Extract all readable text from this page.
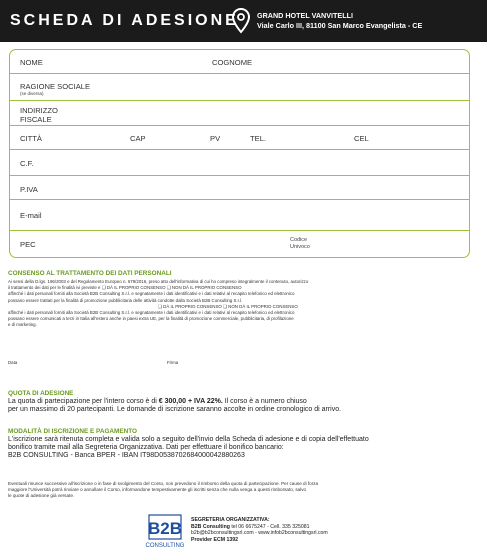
SCHEDA DI ADESIONE	GRAND HOTEL VANVITELLI
Viale Carlo III, 81100 San Marco Evangelista - CE
NOME	COGNOME
RAGIONE SOCIALE
(se diversa)
INDIRIZZO
FISCALE
CITTÀ	CAP	PV	TEL.	CEL
C.F.
P.IVA
E-mail
PEC	Codice
Univoco
CONSENSO AL TRATTAMENTO DEI DATI PERSONALI
Ai sensi della D.lgs. 196/2003 e del Regolamento Europeo n. 679/2016, preso atto dell'informativa di cui ho compreso integralmente il contenuto, autorizzo
il trattamento dei dati per le finalità ivi previste e ❑ DÀ IL PROPRIO CONSENSO ❑ NON DÀ IL PROPRIO CONSENSO
affinché i dati personali forniti alla Società B2B Consulting S.r.l. e segnatamente i dati identificativi e i dati relativi al recapito telefonico ed elettronico
possano essere trattati per la finalità di promozione pubblicitaria delle attività condotte dalla Società B2B Consulting S.r.l.
❑ DÀ IL PROPRIO CONSENSO ❑ NON DÀ IL PROPRIO CONSENSO
affinché i dati personali forniti alla Società B2B Consulting S.r.l. e segnatamente i dati identificativi e i dati relativi al recapito telefonico ed elettronico
possano essere comunicati a terzi in Italia all'estero anche in paesi extra UE, per la finalità di promozione commerciale, pubblicitaria, di profilazione
e di marketing.
Data	Firma
QUOTA DI ADESIONE
La quota di partecipazione per l'intero corso è di € 300,00 + IVA 22%. Il corso è a numero chiuso
per un massimo di 20 partecipanti. Le domande di iscrizione saranno accolte in ordine cronologico di arrivo.
MODALITÀ DI ISCRIZIONE E PAGAMENTO
L'iscrizione sarà ritenuta completa e valida solo a seguito dell'invio della Scheda di adesione e di copia dell'effettuato
bonifico tramite mail alla Segreteria Organizzativa. Dati per effettuare il bonifico bancario:
B2B CONSULTING - Banca BPER - IBAN IT98D0538702684000042880263
Eventuali rinunce successive all'iscrizione o in fase di svolgimento del Corso, non prevedono il rimborso della quota di partecipazione. Per cause di forza
maggiore l'Università potrà rinviare o annullare il Corso, informandone tempestivamente gli iscritti senza che nulla venga a questi rimborsato, salvo
le quote di adesione già versate.
B2B
CONSULTING
SEGRETERIA ORGANIZZATIVA:
B2B Consulting tel 06 6675247 - Cell. 335 325081
b2b@b2bconsultingsrl.com - www.infob2bconsultingsrl.com
Provider ECM 1392
